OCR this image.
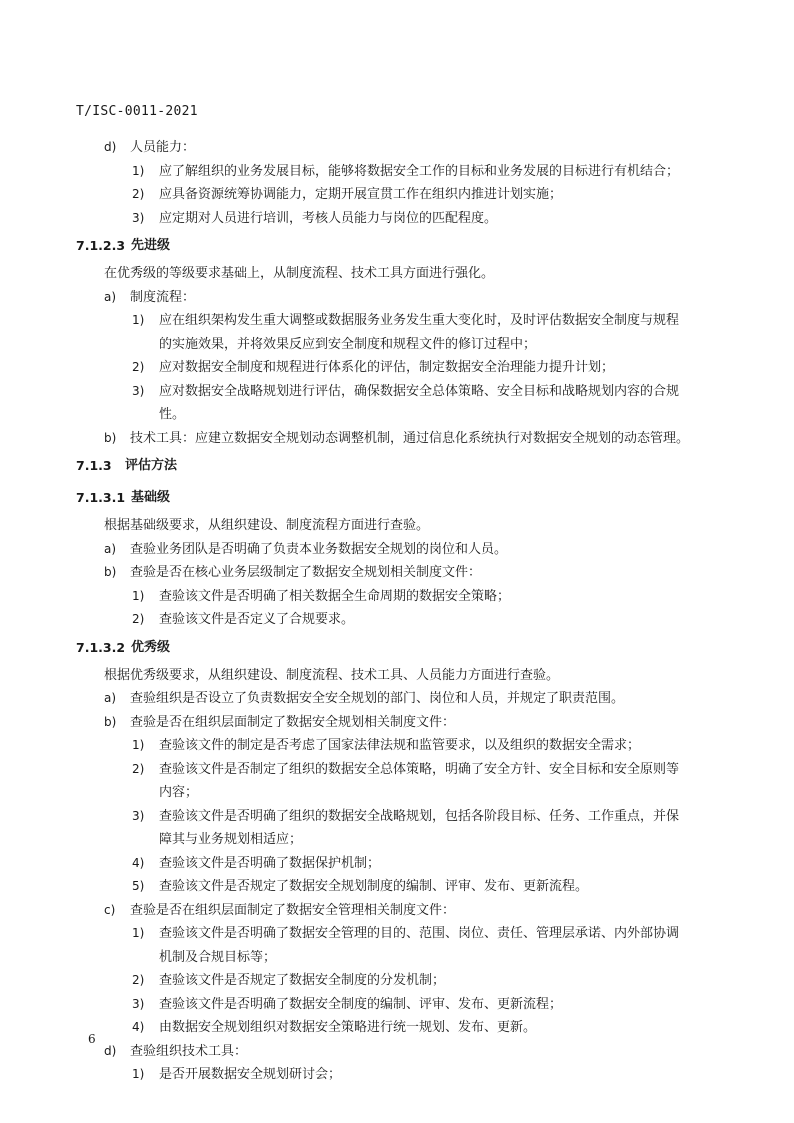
T/ISC-0011-2021
d) 人员能力：
1) 应了解组织的业务发展目标，能够将数据安全工作的目标和业务发展的目标进行有机结合；
2) 应具备资源统筹协调能力，定期开展宣贯工作在组织内推进计划实施；
3) 应定期对人员进行培训，考核人员能力与岗位的匹配程度。
7.1.2.3 先进级
在优秀级的等级要求基础上，从制度流程、技术工具方面进行强化。
a) 制度流程：
1) 应在组织架构发生重大调整或数据服务业务发生重大变化时，及时评估数据安全制度与规程
的实施效果，并将效果反应到安全制度和规程文件的修订过程中；
2) 应对数据安全制度和规程进行体系化的评估，制定数据安全治理能力提升计划；
3) 应对数据安全战略规划进行评估，确保数据安全总体策略、安全目标和战略规划内容的合规
性。
b) 技术工具：应建立数据安全规划动态调整机制，通过信息化系统执行对数据安全规划的动态管理。
7.1.3 评估方法
7.1.3.1 基础级
根据基础级要求，从组织建设、制度流程方面进行查验。
a) 查验业务团队是否明确了负责本业务数据安全规划的岗位和人员。
b) 查验是否在核心业务层级制定了数据安全规划相关制度文件：
1) 查验该文件是否明确了相关数据全生命周期的数据安全策略；
2) 查验该文件是否定义了合规要求。
7.1.3.2 优秀级
根据优秀级要求，从组织建设、制度流程、技术工具、人员能力方面进行查验。
a) 查验组织是否设立了负责数据安全安全规划的部门、岗位和人员，并规定了职责范围。
b) 查验是否在组织层面制定了数据安全规划相关制度文件：
1) 查验该文件的制定是否考虑了国家法律法规和监管要求，以及组织的数据安全需求；
2) 查验该文件是否制定了组织的数据安全总体策略，明确了安全方针、安全目标和安全原则等
内容；
3) 查验该文件是否明确了组织的数据安全战略规划，包括各阶段目标、任务、工作重点，并保
障其与业务规划相适应；
4) 查验该文件是否明确了数据保护机制；
5) 查验该文件是否规定了数据安全规划制度的编制、评审、发布、更新流程。
c) 查验是否在组织层面制定了数据安全管理相关制度文件：
1) 查验该文件是否明确了数据安全管理的目的、范围、岗位、责任、管理层承诺、内外部协调
机制及合规目标等；
2) 查验该文件是否规定了数据安全制度的分发机制；
3) 查验该文件是否明确了数据安全制度的编制、评审、发布、更新流程；
4) 由数据安全规划组织对数据安全策略进行统一规划、发布、更新。
d) 查验组织技术工具：
1) 是否开展数据安全规划研讨会；
6
